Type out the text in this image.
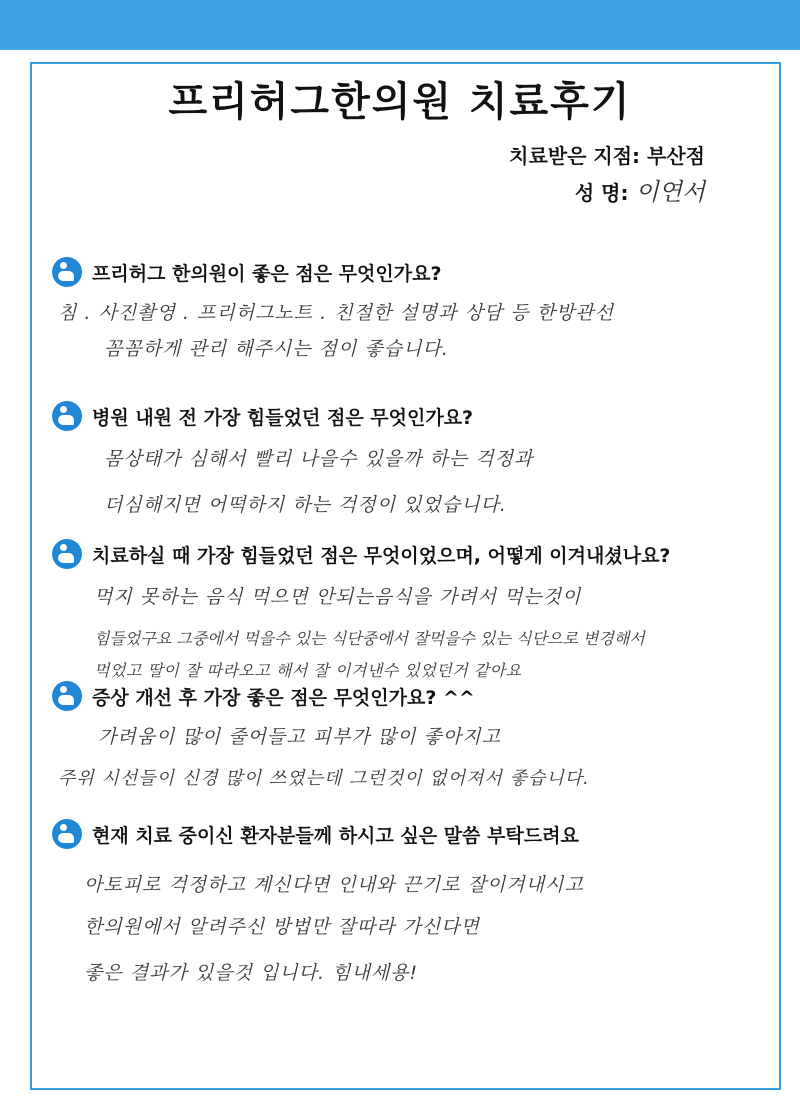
프리허그한의원 치료후기
치료받은 지점: 부산점
성 명: 이연서
프리허그 한의원이 좋은 점은 무엇인가요?
침 . 사진촬영 . 프리허그노트 . 친절한 설명과 상담 등 한방관선
꼼꼼하게 관리 해주시는 점이 좋습니다.
병원 내원 전 가장 힘들었던 점은 무엇인가요?
몸상태가 심해서 빨리 나을수 있을까 하는 걱정과
더심해지면 어떡하지 하는 걱정이 있었습니다.
치료하실 때 가장 힘들었던 점은 무엇이었으며, 어떻게 이겨내셨나요?
먹지 못하는 음식 먹으면 안되는음식을 가려서 먹는것이
힘들었구요 그중에서 먹을수 있는 식단중에서 잘먹을수 있는 식단으로 변경해서
먹었고 딸이 잘 따라오고 해서 잘 이겨낸수 있었던거 같아요
증상 개선 후 가장 좋은 점은 무엇인가요? ^^
가려움이 많이 줄어들고 피부가 많이 좋아지고
주위 시선들이 신경 많이 쓰였는데 그런것이 없어져서 좋습니다.
현재 치료 중이신 환자분들께 하시고 싶은 말씀 부탁드려요
아토피로 걱정하고 계신다면 인내와 끈기로 잘이겨내시고
한의원에서 알려주신 방법만 잘따라 가신다면
좋은 결과가 있을것 입니다. 힘내세용!
